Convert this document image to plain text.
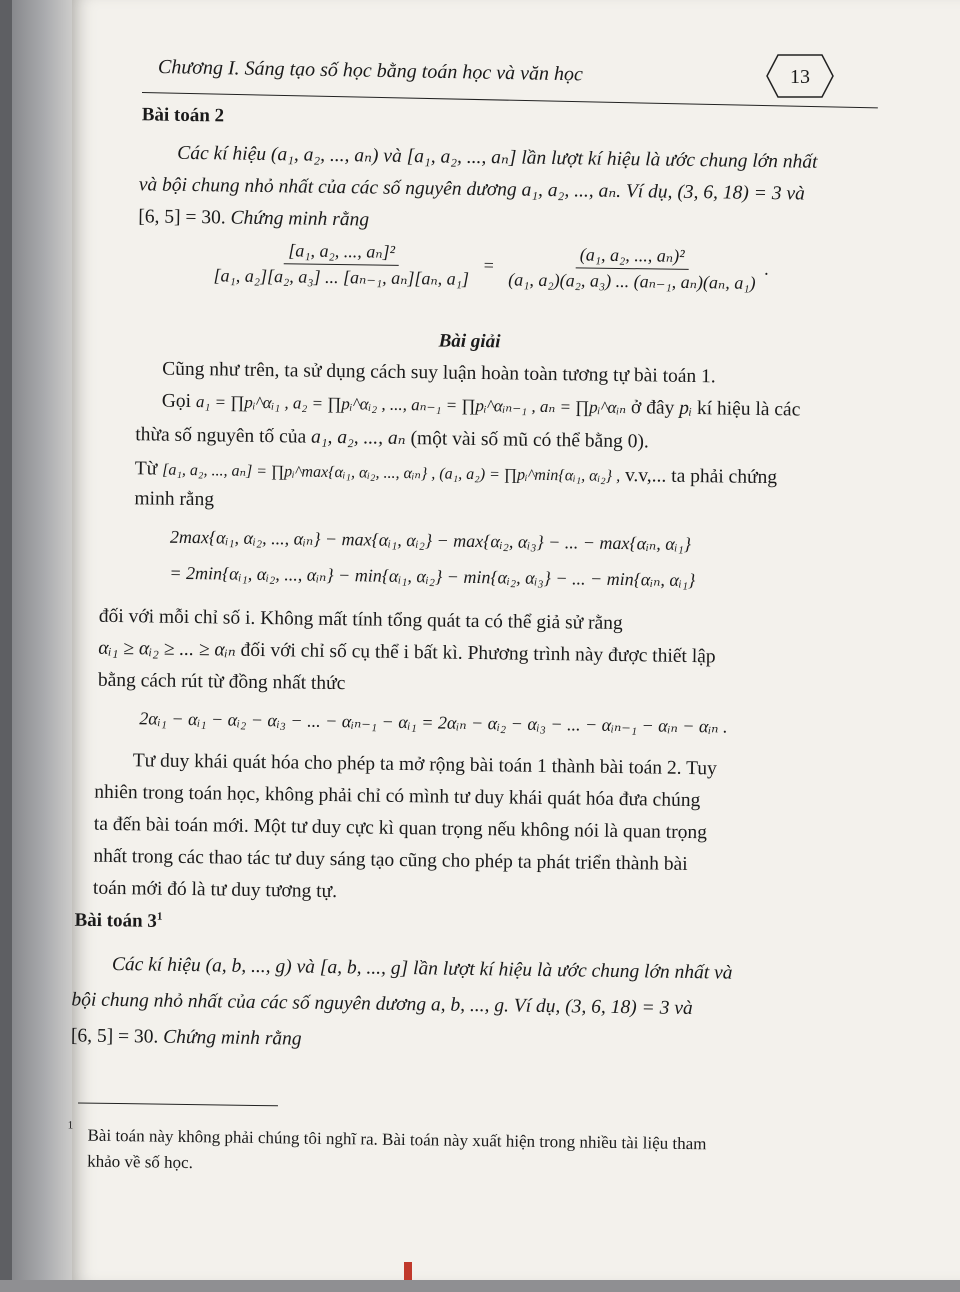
Chương I. Sáng tạo số học bằng toán học và văn học	13
Bài toán 2
Các kí hiệu (a₁, a₂, ..., aₙ) và [a₁, a₂, ..., aₙ] lần lượt kí hiệu là ước chung lớn nhất
và bội chung nhỏ nhất của các số nguyên dương a₁, a₂, ..., aₙ. Ví dụ, (3, 6, 18) = 3 và
[6, 5] = 30. Chứng minh rằng
$\frac{\text{[a₁, a₂, ..., aₙ]²}}{\text{[a₁, a₂][a₂, a₃] ... [aₙ₋₁, aₙ][aₙ, a₁]}} = \frac{\text{(a₁, a₂, ..., aₙ)²}}{\text{(a₁, a₂)(a₂, a₃) ... (aₙ₋₁, aₙ)(aₙ, a₁)}}$ .
Bài giải
Cũng như trên, ta sử dụng cách suy luận hoàn toàn tương tự bài toán 1.
Gọi a₁ = ∏pᵢ^αᵢ₁ , a₂ = ∏pᵢ^αᵢ₂ , ..., aₙ₋₁ = ∏pᵢ^αᵢₙ₋₁ , aₙ = ∏pᵢ^αᵢₙ ở đây pᵢ kí hiệu là các
thừa số nguyên tố của a₁, a₂, ..., aₙ (một vài số mũ có thể bằng 0).
Từ [a₁, a₂, ..., aₙ] = ∏pᵢ^max{αᵢ₁, αᵢ₂, ..., αᵢₙ} , (a₁, a₂) = ∏pᵢ^min{αᵢ₁, αᵢ₂} , v.v,... ta phải chứng
minh rằng
2max{αᵢ₁, αᵢ₂, ..., αᵢₙ} − max{αᵢ₁, αᵢ₂} − max{αᵢ₂, αᵢ₃} − ... − max{αᵢₙ, αᵢ₁}
= 2min{αᵢ₁, αᵢ₂, ..., αᵢₙ} − min{αᵢ₁, αᵢ₂} − min{αᵢ₂, αᵢ₃} − ... − min{αᵢₙ, αᵢ₁}
đối với mỗi chỉ số i. Không mất tính tổng quát ta có thể giả sử rằng
αᵢ₁ ≥ αᵢ₂ ≥ ... ≥ αᵢₙ đối với chỉ số cụ thể i bất kì. Phương trình này được thiết lập
bằng cách rút từ đồng nhất thức
2αᵢ₁ − αᵢ₁ − αᵢ₂ − αᵢ₃ − ... − αᵢₙ₋₁ − αᵢ₁ = 2αᵢₙ − αᵢ₂ − αᵢ₃ − ... − αᵢₙ₋₁ − αᵢₙ − αᵢₙ .
Tư duy khái quát hóa cho phép ta mở rộng bài toán 1 thành bài toán 2. Tuy
nhiên trong toán học, không phải chỉ có mình tư duy khái quát hóa đưa chúng
ta đến bài toán mới. Một tư duy cực kì quan trọng nếu không nói là quan trọng
nhất trong các thao tác tư duy sáng tạo cũng cho phép ta phát triển thành bài
toán mới đó là tư duy tương tự.
Bài toán $3^1$
Các kí hiệu (a, b, ..., g) và [a, b, ..., g] lần lượt kí hiệu là ước chung lớn nhất và
bội chung nhỏ nhất của các số nguyên dương a, b, ..., g. Ví dụ, (3, 6, 18) = 3 và
[6, 5] = 30. Chứng minh rằng
1
Bài toán này không phải chúng tôi nghĩ ra. Bài toán này xuất hiện trong nhiều tài liệu tham
khảo về số học.
